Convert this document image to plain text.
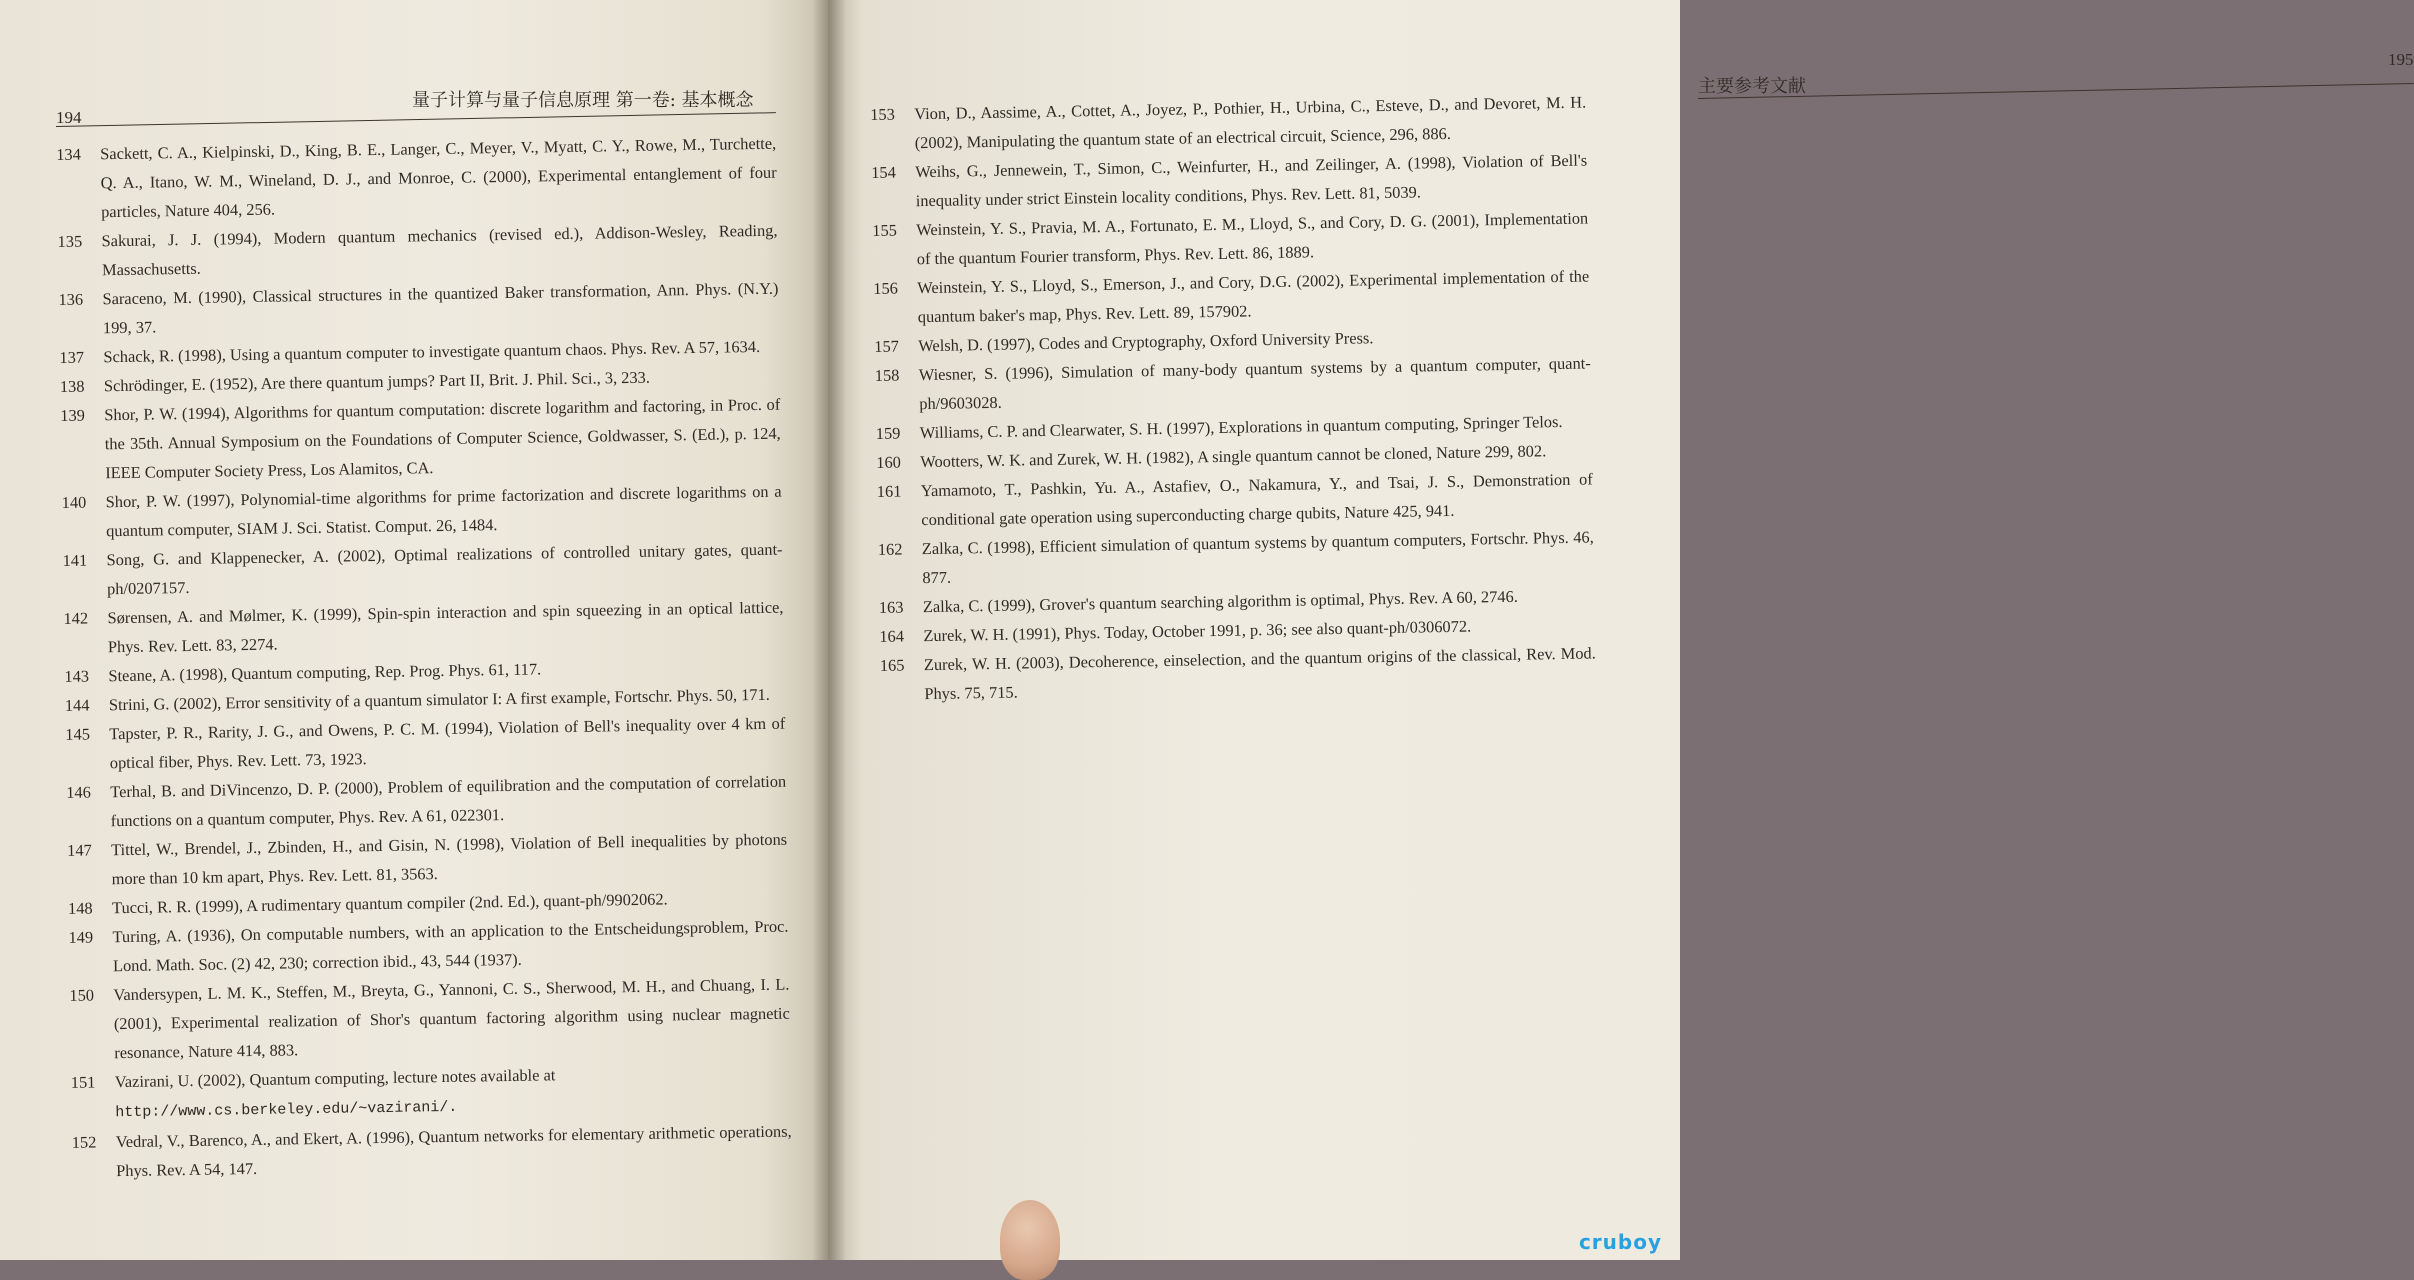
194
量子计算与量子信息原理 第一卷: 基本概念
134 Sackett, C. A., Kielpinski, D., King, B. E., Langer, C., Meyer, V., Myatt, C. Y., Rowe, M., Turchette, Q. A., Itano, W. M., Wineland, D. J., and Monroe, C. (2000), Experimental entanglement of four particles, Nature 404, 256.
135 Sakurai, J. J. (1994), Modern quantum mechanics (revised ed.), Addison-Wesley, Reading, Massachusetts.
136 Saraceno, M. (1990), Classical structures in the quantized Baker transformation, Ann. Phys. (N.Y.) 199, 37.
137 Schack, R. (1998), Using a quantum computer to investigate quantum chaos. Phys. Rev. A 57, 1634.
138 Schrödinger, E. (1952), Are there quantum jumps? Part II, Brit. J. Phil. Sci., 3, 233.
139 Shor, P. W. (1994), Algorithms for quantum computation: discrete logarithm and factoring, in Proc. of the 35th. Annual Symposium on the Foundations of Computer Science, Goldwasser, S. (Ed.), p. 124, IEEE Computer Society Press, Los Alamitos, CA.
140 Shor, P. W. (1997), Polynomial-time algorithms for prime factorization and discrete logarithms on a quantum computer, SIAM J. Sci. Statist. Comput. 26, 1484.
141 Song, G. and Klappenecker, A. (2002), Optimal realizations of controlled unitary gates, quant-ph/0207157.
142 Sørensen, A. and Mølmer, K. (1999), Spin-spin interaction and spin squeezing in an optical lattice, Phys. Rev. Lett. 83, 2274.
143 Steane, A. (1998), Quantum computing, Rep. Prog. Phys. 61, 117.
144 Strini, G. (2002), Error sensitivity of a quantum simulator I: A first example, Fortschr. Phys. 50, 171.
145 Tapster, P. R., Rarity, J. G., and Owens, P. C. M. (1994), Violation of Bell's inequality over 4 km of optical fiber, Phys. Rev. Lett. 73, 1923.
146 Terhal, B. and DiVincenzo, D. P. (2000), Problem of equilibration and the computation of correlation functions on a quantum computer, Phys. Rev. A 61, 022301.
147 Tittel, W., Brendel, J., Zbinden, H., and Gisin, N. (1998), Violation of Bell inequalities by photons more than 10 km apart, Phys. Rev. Lett. 81, 3563.
148 Tucci, R. R. (1999), A rudimentary quantum compiler (2nd. Ed.), quant-ph/9902062.
149 Turing, A. (1936), On computable numbers, with an application to the Entscheidungsproblem, Proc. Lond. Math. Soc. (2) 42, 230; correction ibid., 43, 544 (1937).
150 Vandersypen, L. M. K., Steffen, M., Breyta, G., Yannoni, C. S., Sherwood, M. H., and Chuang, I. L. (2001), Experimental realization of Shor's quantum factoring algorithm using nuclear magnetic resonance, Nature 414, 883.
151 Vazirani, U. (2002), Quantum computing, lecture notes available at
http://www.cs.berkeley.edu/~vazirani/.
152 Vedral, V., Barenco, A., and Ekert, A. (1996), Quantum networks for elementary arithmetic operations, Phys. Rev. A 54, 147.
主要参考文献
195
153 Vion, D., Aassime, A., Cottet, A., Joyez, P., Pothier, H., Urbina, C., Esteve, D., and Devoret, M. H. (2002), Manipulating the quantum state of an electrical circuit, Science, 296, 886.
154 Weihs, G., Jennewein, T., Simon, C., Weinfurter, H., and Zeilinger, A. (1998), Violation of Bell's inequality under strict Einstein locality conditions, Phys. Rev. Lett. 81, 5039.
155 Weinstein, Y. S., Pravia, M. A., Fortunato, E. M., Lloyd, S., and Cory, D. G. (2001), Implementation of the quantum Fourier transform, Phys. Rev. Lett. 86, 1889.
156 Weinstein, Y. S., Lloyd, S., Emerson, J., and Cory, D.G. (2002), Experimental implementation of the quantum baker's map, Phys. Rev. Lett. 89, 157902.
157 Welsh, D. (1997), Codes and Cryptography, Oxford University Press.
158 Wiesner, S. (1996), Simulation of many-body quantum systems by a quantum computer, quant-ph/9603028.
159 Williams, C. P. and Clearwater, S. H. (1997), Explorations in quantum computing, Springer Telos.
160 Wootters, W. K. and Zurek, W. H. (1982), A single quantum cannot be cloned, Nature 299, 802.
161 Yamamoto, T., Pashkin, Yu. A., Astafiev, O., Nakamura, Y., and Tsai, J. S., Demonstration of conditional gate operation using superconducting charge qubits, Nature 425, 941.
162 Zalka, C. (1998), Efficient simulation of quantum systems by quantum computers, Fortschr. Phys. 46, 877.
163 Zalka, C. (1999), Grover's quantum searching algorithm is optimal, Phys. Rev. A 60, 2746.
164 Zurek, W. H. (1991), Phys. Today, October 1991, p. 36; see also quant-ph/0306072.
165 Zurek, W. H. (2003), Decoherence, einselection, and the quantum origins of the classical, Rev. Mod. Phys. 75, 715.
cruboy
